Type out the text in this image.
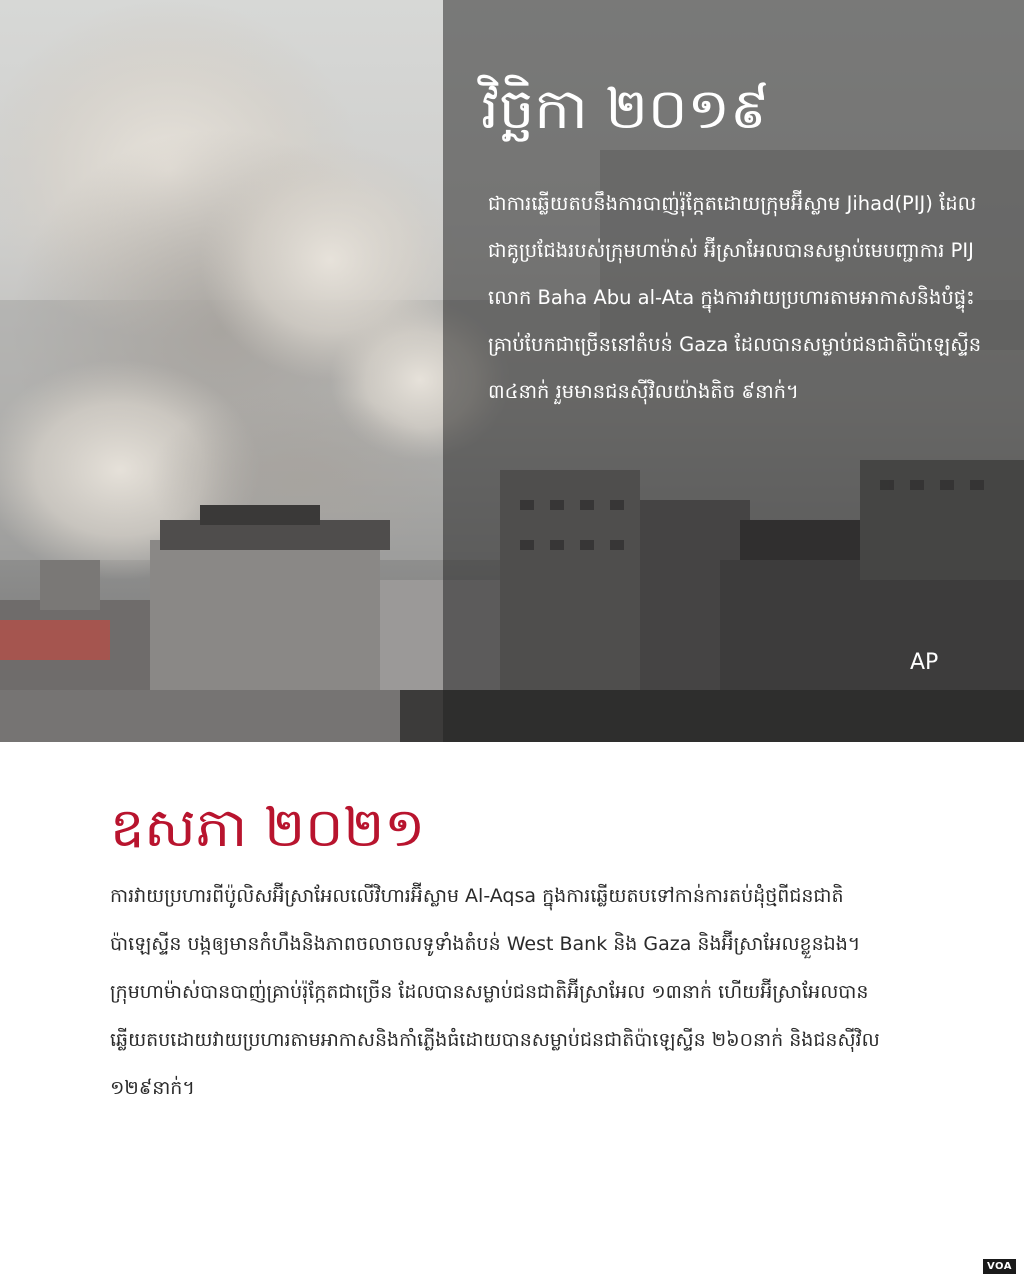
វិច្ឆិកា ២០១៩

ជាការឆ្លើយតបនឹងការបាញ់រ៉ុក្កែតដោយក្រុមអ៊ីស្លាម Jihad(PIJ) ដែលជាគូប្រជែងរបស់ក្រុមហាម៉ាស់ អ៊ីស្រាអែលបានសម្លាប់មេបញ្ជាការ PIJ លោក Baha Abu al-Ata ក្នុងការវាយប្រហារតាមអាកាសនិងបំផ្ទុះគ្រាប់បែកជាច្រើននៅតំបន់ Gaza ដែលបានសម្លាប់ជនជាតិប៉ាឡេស្ទីន ៣៤នាក់ រួមមានជនស៊ីវិលយ៉ាងតិច ៩នាក់។

AP
ឧសភា ២០២១

ការវាយប្រហារពីប៉ូលិសអ៊ីស្រាអែលលើវិហារអ៊ីស្លាម Al-Aqsa ក្នុងការឆ្លើយតបទៅកាន់ការតប់ដុំថ្មពីជនជាតិប៉ាឡេស្ទីន បង្កឲ្យមានកំហឹងនិងភាពចលាចលទូទាំងតំបន់ West Bank និង Gaza និងអ៊ីស្រាអែលខ្លួនឯង។ ក្រុមហាម៉ាស់បានបាញ់គ្រាប់រ៉ុក្កែតជាច្រើន ដែលបានសម្លាប់ជនជាតិអ៊ីស្រាអែល ១៣នាក់ ហើយអ៊ីស្រាអែលបានឆ្លើយតបដោយវាយប្រហារតាមអាកាសនិងកាំភ្លើងធំដោយបានសម្លាប់ជនជាតិប៉ាឡេស្ទីន ២៦០នាក់ និងជនស៊ីវិល ១២៩នាក់។

VOA
